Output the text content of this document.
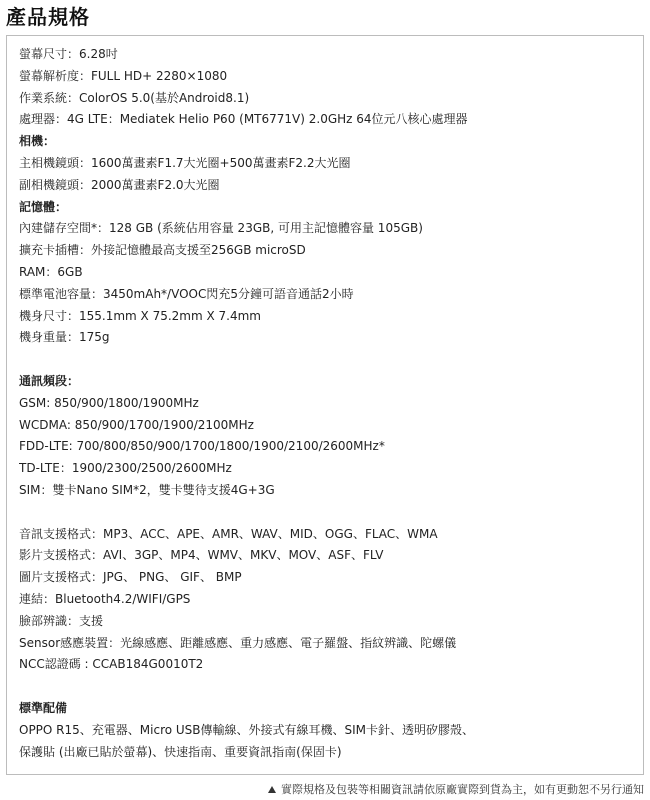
產品規格
螢幕尺寸：6.28吋
螢幕解析度：FULL HD+ 2280×1080
作業系統：ColorOS 5.0(基於Android8.1)
處理器：4G LTE：Mediatek Helio P60 (MT6771V) 2.0GHz 64位元八核心處理器
相機：
主相機鏡頭：1600萬畫素F1.7大光圈+500萬畫素F2.2大光圈
副相機鏡頭：2000萬畫素F2.0大光圈
記憶體：
內建儲存空間*：128 GB (系統佔用容量 23GB, 可用主記憶體容量 105GB)
擴充卡插槽：外接記憶體最高支援至256GB microSD
RAM：6GB
標準電池容量：3450mAh*/VOOC閃充5分鐘可語音通話2小時
機身尺寸：155.1mm X 75.2mm X 7.4mm
機身重量：175g
通訊頻段：
GSM: 850/900/1800/1900MHz
WCDMA: 850/900/1700/1900/2100MHz
FDD-LTE: 700/800/850/900/1700/1800/1900/2100/2600MHz*
TD-LTE：1900/2300/2500/2600MHz
SIM：雙卡Nano SIM*2，雙卡雙待支援4G+3G
音訊支援格式：MP3、ACC、APE、AMR、WAV、MID、OGG、FLAC、WMA
影片支援格式：AVI、3GP、MP4、WMV、MKV、MOV、ASF、FLV
圖片支援格式：JPG、 PNG、 GIF、 BMP
連結：Bluetooth4.2/WIFI/GPS
臉部辨識：支援
Sensor感應裝置：光線感應、距離感應、重力感應、電子羅盤、指紋辨識、陀螺儀
NCC認證碼 : CCAB184G0010T2
標準配備
OPPO R15、充電器、Micro USB傳輸線、外接式有線耳機、SIM卡針、透明矽膠殼、
保護貼 (出廠已貼於螢幕)、快速指南、重要資訊指南(保固卡)
實際規格及包裝等相關資訊請依原廠實際到貨為主，如有更動恕不另行通知
